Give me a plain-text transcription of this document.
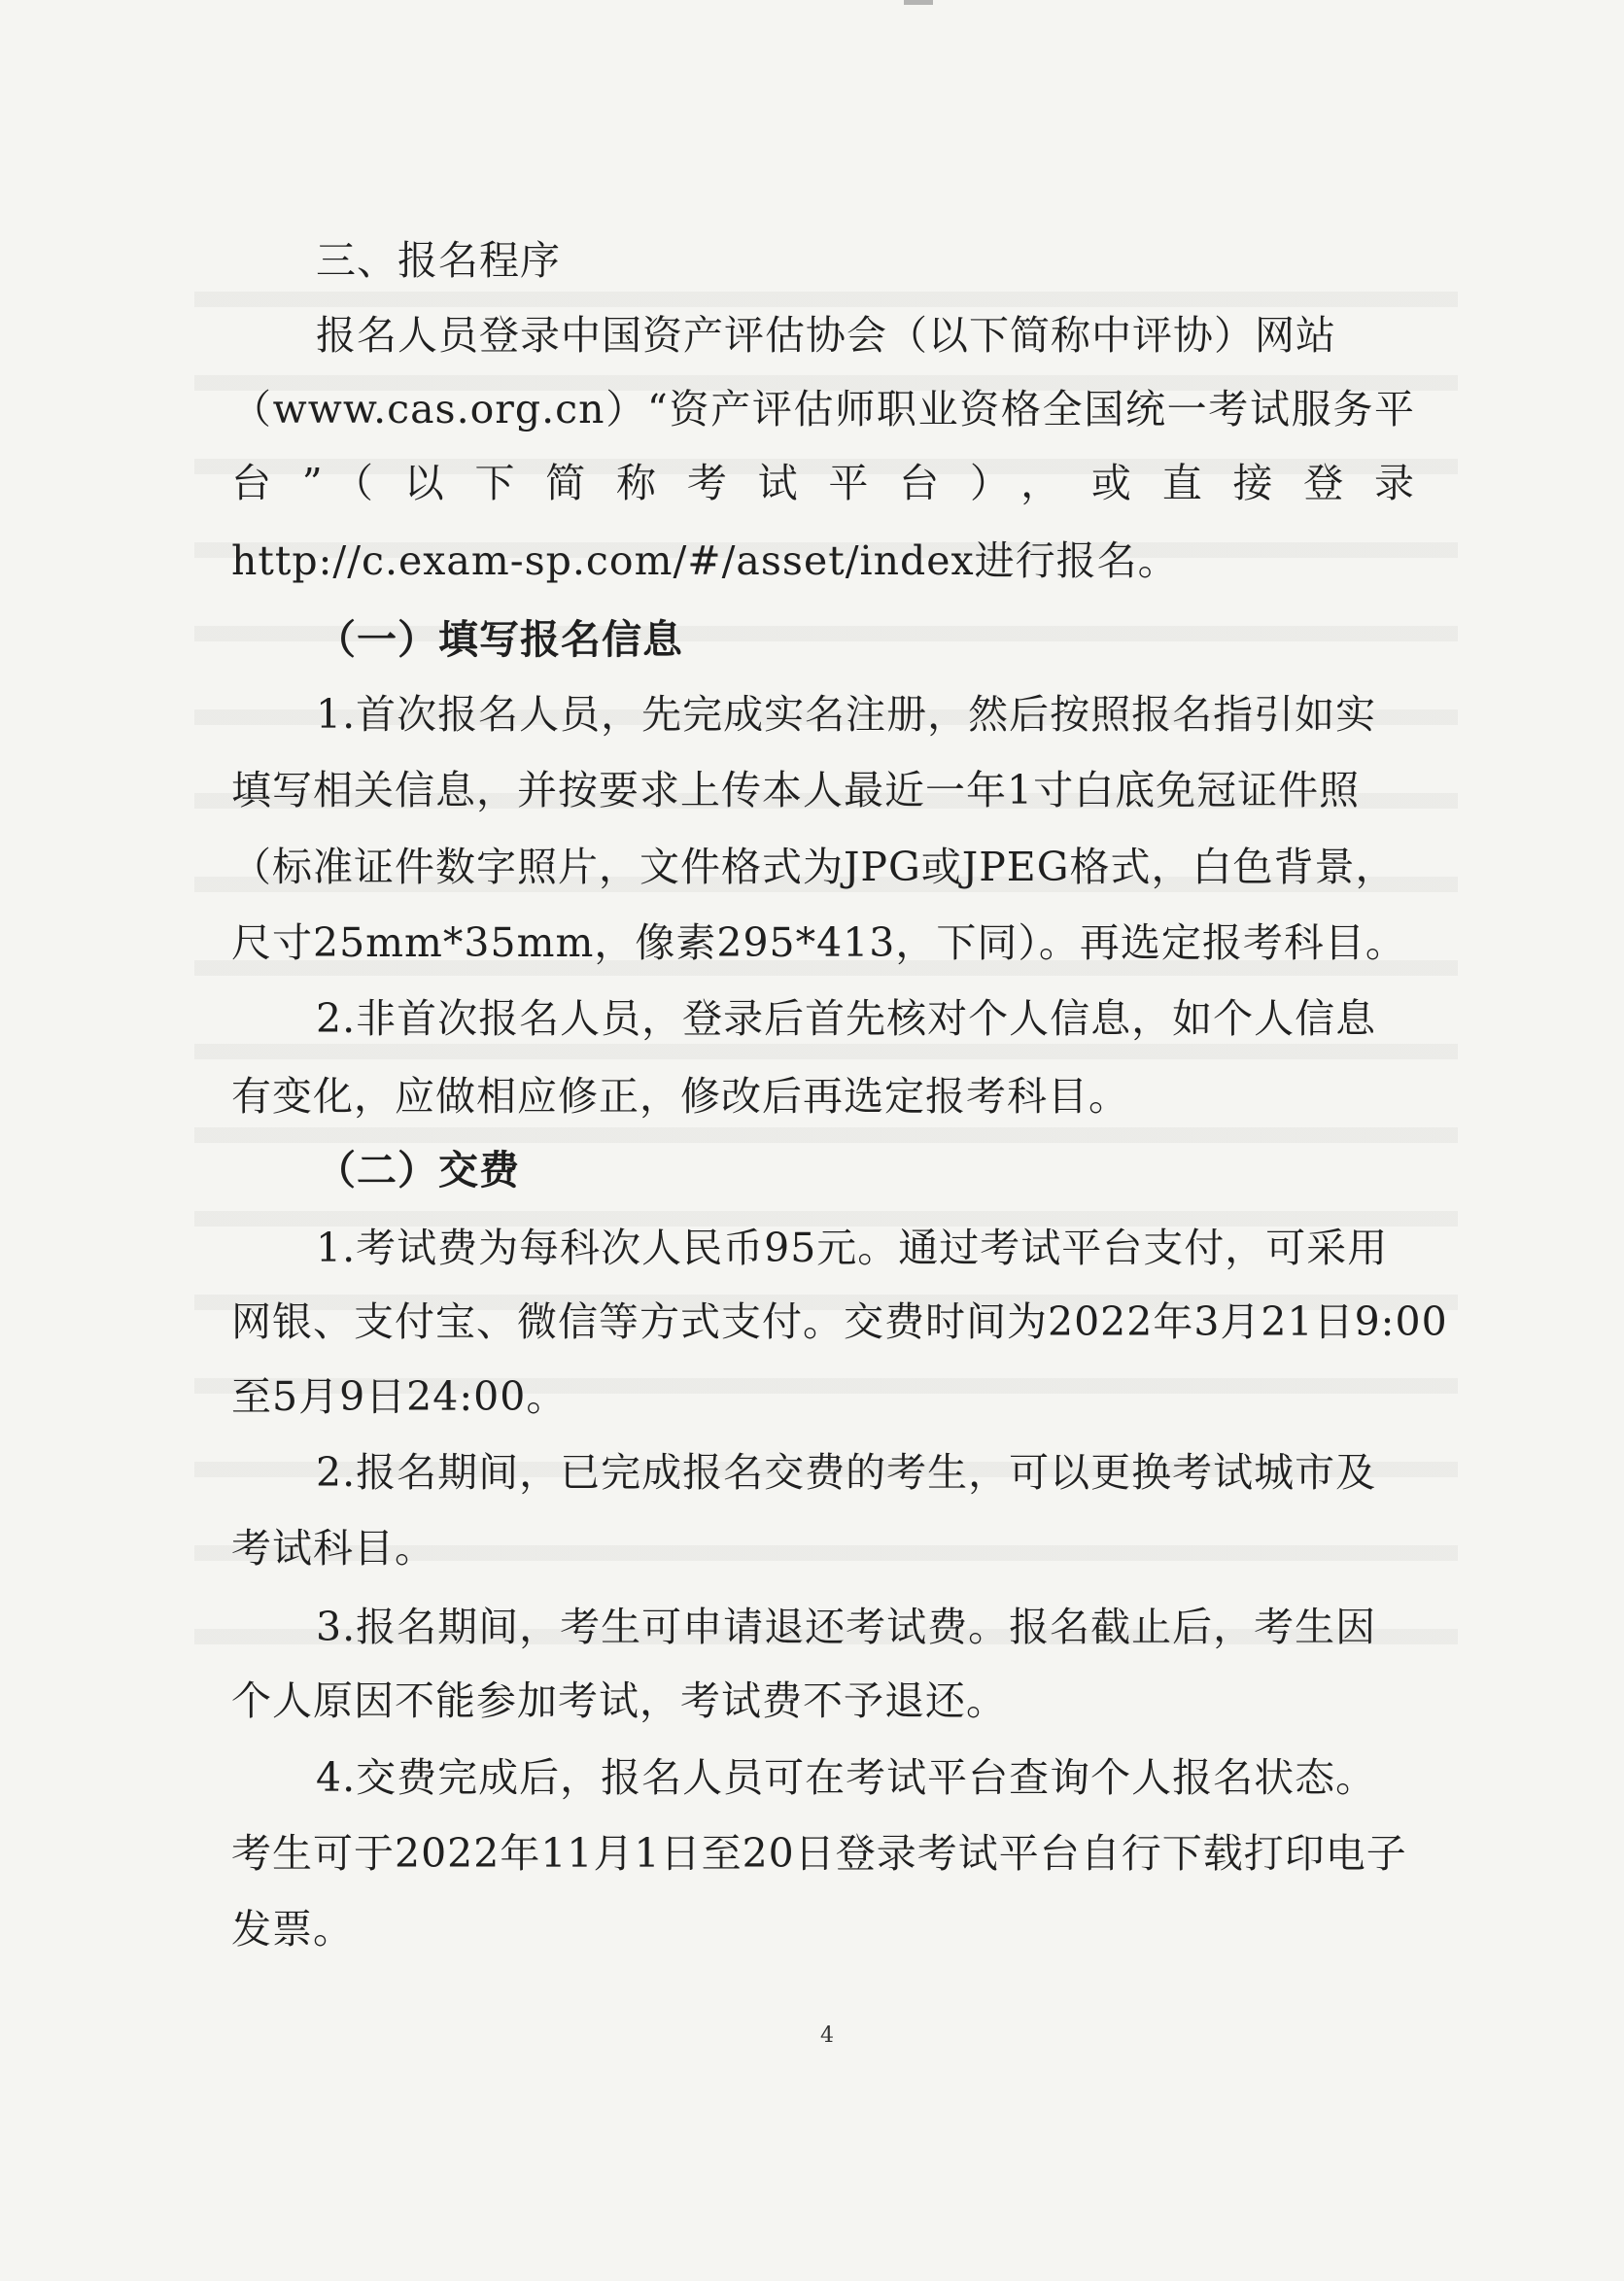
三、报名程序

报名人员登录中国资产评估协会（以下简称中评协）网站

（www.cas.org.cn）“资产评估师职业资格全国统一考试服务平

台”（以下简称考试平台），或直接登录

http://c.exam-sp.com/#/asset/index进行报名。

（一）填写报名信息

1.首次报名人员，先完成实名注册，然后按照报名指引如实

填写相关信息，并按要求上传本人最近一年1寸白底免冠证件照

（标准证件数字照片，文件格式为JPG或JPEG格式，白色背景，

尺寸25mm*35mm，像素295*413，下同）。再选定报考科目。

2.非首次报名人员，登录后首先核对个人信息，如个人信息

有变化，应做相应修正，修改后再选定报考科目。

（二）交费

1.考试费为每科次人民币95元。通过考试平台支付，可采用

网银、支付宝、微信等方式支付。交费时间为2022年3月21日9:00

至5月9日24:00。

2.报名期间，已完成报名交费的考生，可以更换考试城市及

考试科目。

3.报名期间，考生可申请退还考试费。报名截止后，考生因

个人原因不能参加考试，考试费不予退还。

4.交费完成后，报名人员可在考试平台查询个人报名状态。

考生可于2022年11月1日至20日登录考试平台自行下载打印电子

发票。

4
